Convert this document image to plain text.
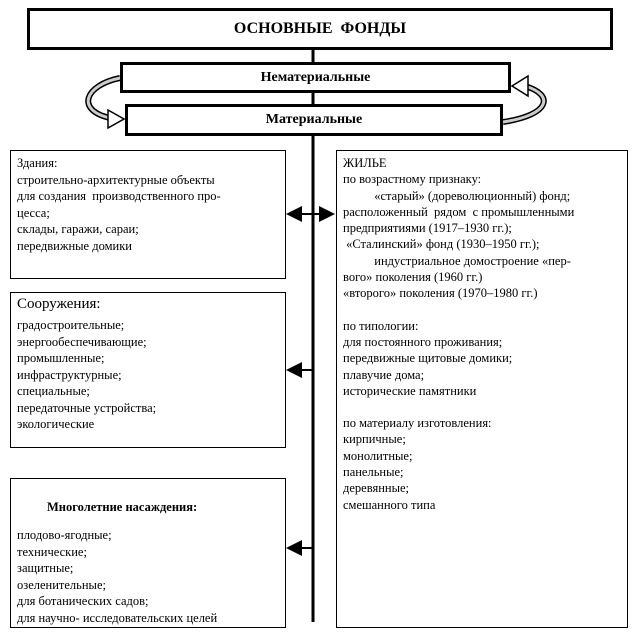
ОСНОВНЫЕ  ФОНДЫ
Нематериальные
Материальные
Здания:
строительно-архитектурные объекты
для создания  производственного про-
цесса;
склады, гаражи, сараи;
передвижные домики
Сооружения:
градостроительные;
энергообеспечивающие;
промышленные;
инфраструктурные;
специальные;
передаточные устройства;
экологические
Многолетние насаждения:
плодово-ягодные;
технические;
защитные;
озеленительные;
для ботанических садов;
для научно- исследовательских целей
ЖИЛЬЕ
по возрастному признаку:
«старый» (дореволюционный) фонд;
расположенный  рядом  с промышленными
предприятиями (1917–1930 гг.);
«Сталинский» фонд (1930–1950 гг.);
индустриальное домостроение «пер-
вого» поколения (1960 гг.)
«второго» поколения (1970–1980 гг.)
по типологии:
для постоянного проживания;
передвижные щитовые домики;
плавучие дома;
исторические памятники
по материалу изготовления:
кирпичные;
монолитные;
панельные;
деревянные;
смешанного типа
